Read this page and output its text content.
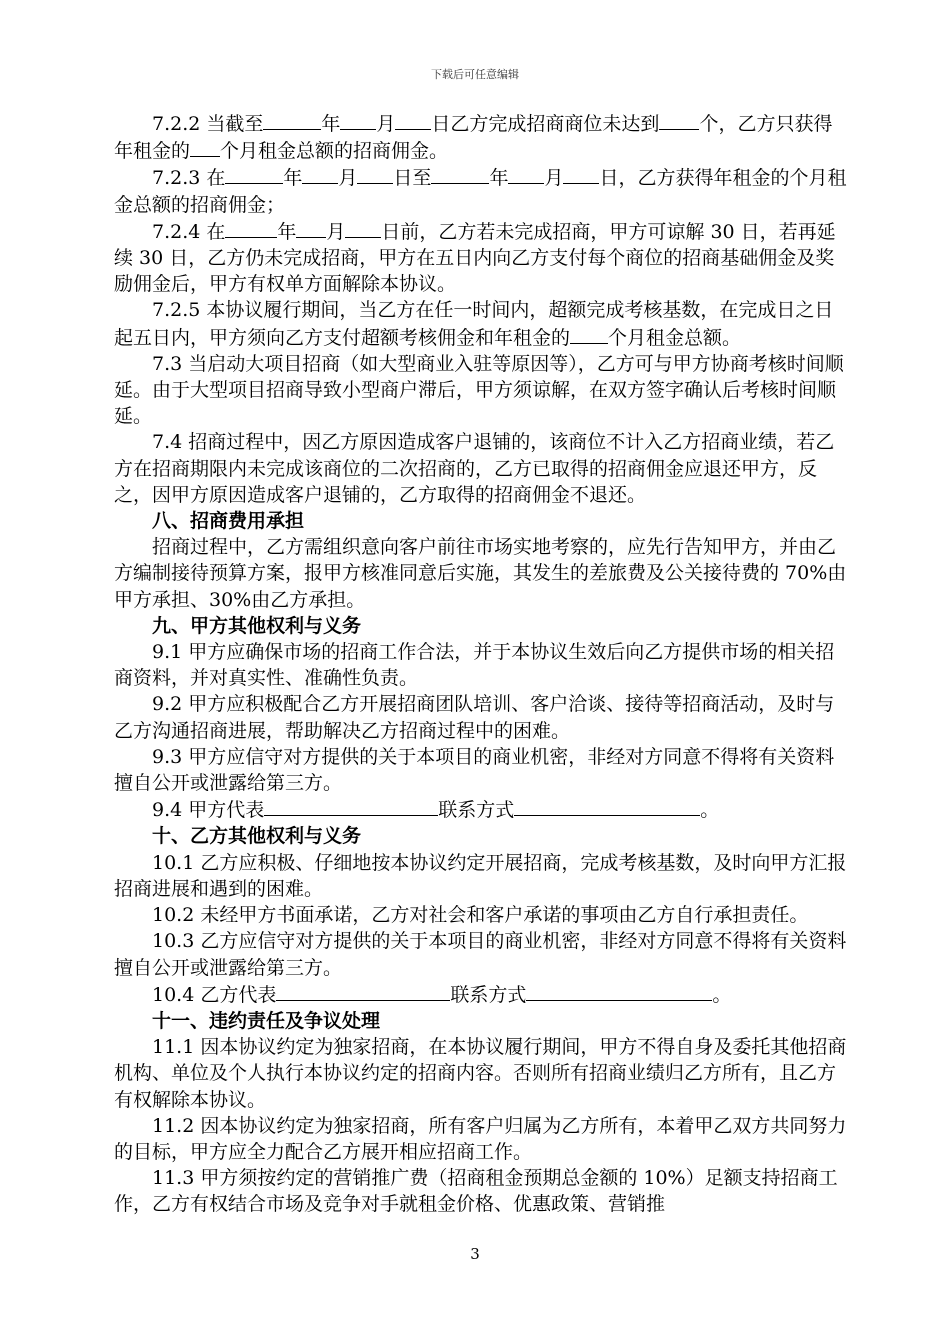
下载后可任意编辑

7.2.2 当截至	年 月 日乙方完成招商商位未达到 个，乙方只获得年租金的 个月租金总额的招商佣金。

7.2.3 在	年 月 日至	年 月 日，乙方获得年租金的个月租金总额的招商佣金；

7.2.4 在	年 月 日前，乙方若未完成招商，甲方可谅解 30 日，若再延续 30 日，乙方仍未完成招商，甲方在五日内向乙方支付每个商位的招商基础佣金及奖励佣金后，甲方有权单方面解除本协议。

7.2.5 本协议履行期间，当乙方在任一时间内，超额完成考核基数，在完成日之日起五日内，甲方须向乙方支付超额考核佣金和年租金的 个月租金总额。

7.3 当启动大项目招商（如大型商业入驻等原因等），乙方可与甲方协商考核时间顺延。由于大型项目招商导致小型商户滞后，甲方须谅解，在双方签字确认后考核时间顺延。

7.4 招商过程中，因乙方原因造成客户退铺的，该商位不计入乙方招商业绩，若乙方在招商期限内未完成该商位的二次招商的，乙方已取得的招商佣金应退还甲方，反之，因甲方原因造成客户退铺的，乙方取得的招商佣金不退还。

八、招商费用承担

招商过程中，乙方需组织意向客户前往市场实地考察的，应先行告知甲方，并由乙方编制接待预算方案，报甲方核准同意后实施，其发生的差旅费及公关接待费的 70%由甲方承担、30%由乙方承担。

九、甲方其他权利与义务

9.1 甲方应确保市场的招商工作合法，并于本协议生效后向乙方提供市场的相关招商资料，并对真实性、准确性负责。

9.2 甲方应积极配合乙方开展招商团队培训、客户洽谈、接待等招商活动，及时与乙方沟通招商进展，帮助解决乙方招商过程中的困难。

9.3 甲方应信守对方提供的关于本项目的商业机密，非经对方同意不得将有关资料擅自公开或泄露给第三方。

9.4 甲方代表	联系方式	。

十、乙方其他权利与义务

10.1 乙方应积极、仔细地按本协议约定开展招商，完成考核基数，及时向甲方汇报招商进展和遇到的困难。

10.2 未经甲方书面承诺，乙方对社会和客户承诺的事项由乙方自行承担责任。

10.3 乙方应信守对方提供的关于本项目的商业机密，非经对方同意不得将有关资料擅自公开或泄露给第三方。

10.4 乙方代表	联系方式	。

十一、违约责任及争议处理

11.1 因本协议约定为独家招商，在本协议履行期间，甲方不得自身及委托其他招商机构、单位及个人执行本协议约定的招商内容。否则所有招商业绩归乙方所有，且乙方有权解除本协议。

11.2 因本协议约定为独家招商，所有客户归属为乙方所有，本着甲乙双方共同努力的目标，甲方应全力配合乙方展开相应招商工作。

11.3 甲方须按约定的营销推广费（招商租金预期总金额的 10%）足额支持招商工作，乙方有权结合市场及竞争对手就租金价格、优惠政策、营销推

3
